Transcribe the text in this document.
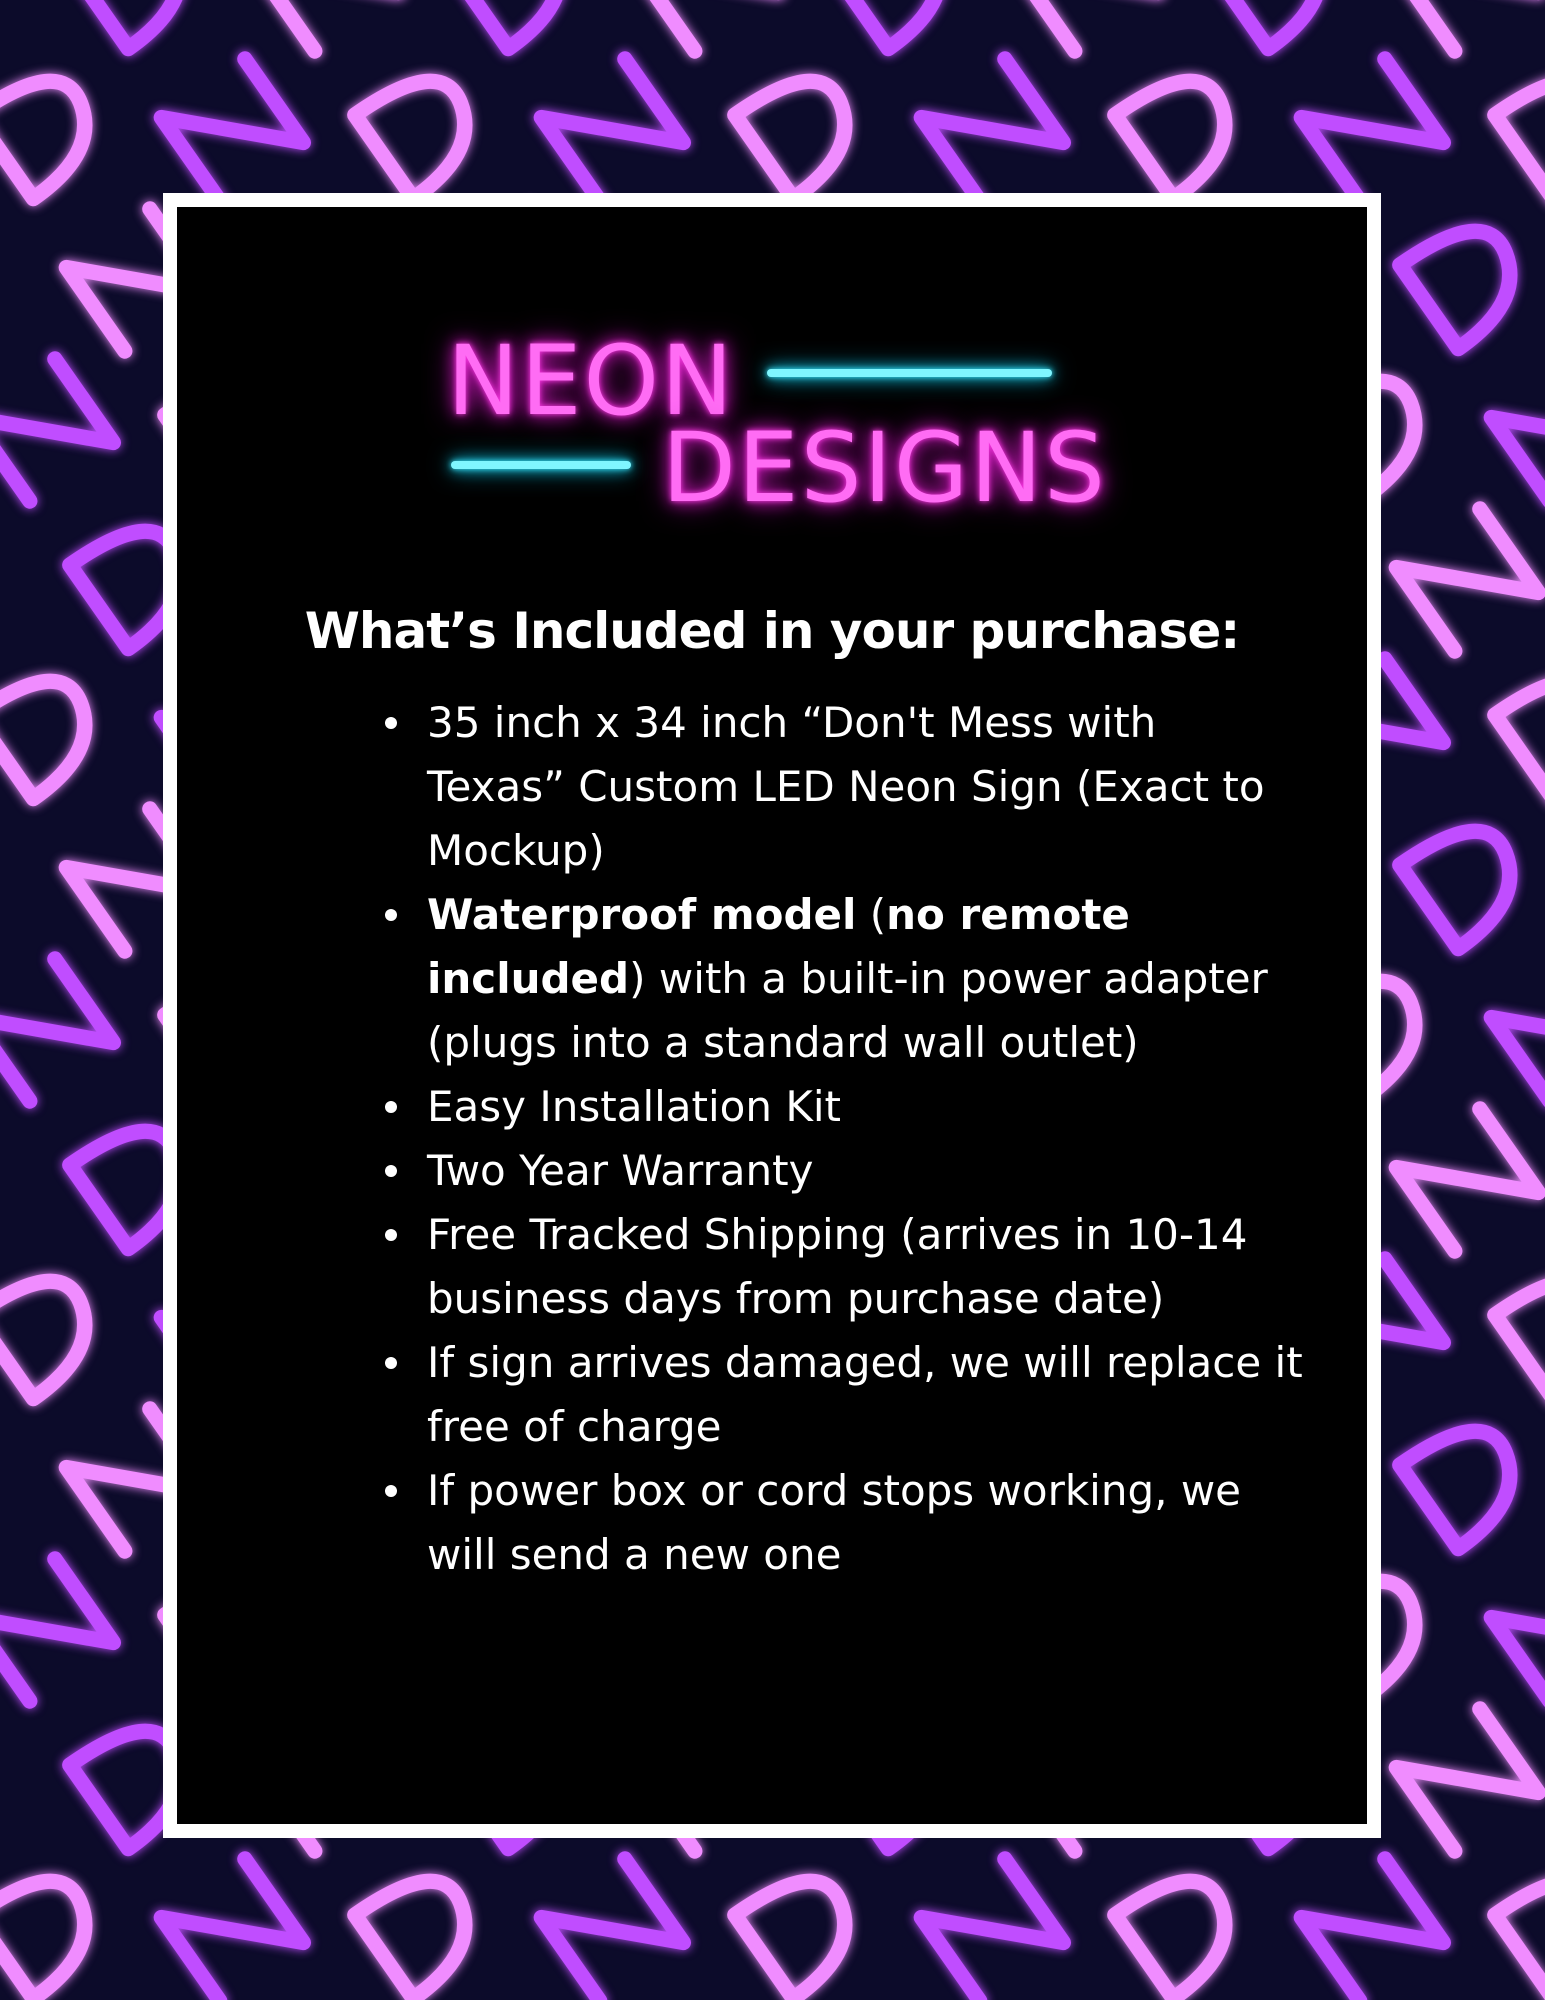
NEON
DESIGNS
What’s Included in your purchase:
35 inch x 34 inch “Don't Mess with Texas” Custom LED Neon Sign (Exact to Mockup)
Waterproof model (no remote included) with a built-in power adapter
(plugs into a standard wall outlet)
Easy Installation Kit
Two Year Warranty
Free Tracked Shipping (arrives in 10-14 business days from purchase date)
If sign arrives damaged, we will replace it free of charge
If power box or cord stops working, we will send a new one
